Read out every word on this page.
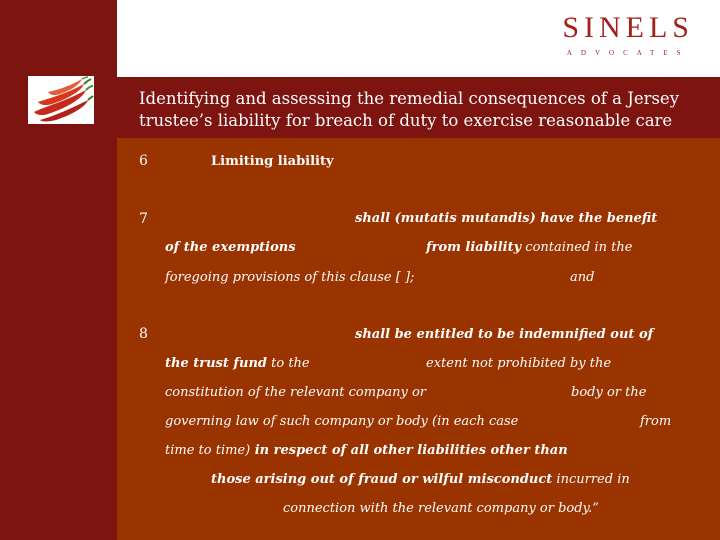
SINELS
ADVOCATES
Identifying and assessing the remedial consequences of a Jersey trustee’s liability for breach of duty to exercise reasonable care
6	Limiting liability
7	shall (mutatis mutandis) have the benefit
of the exemptions	from liability contained in the
foregoing provisions of this clause [ ];	and
8	shall be entitled to be indemnified out of
the trust fund to the	extent not prohibited by the
constitution of the relevant company or	body or the
governing law of such company or body (in each case	from
time to time) in respect of all other liabilities other than
those arising out of fraud or wilful misconduct incurred in
connection with the relevant company or body.”
